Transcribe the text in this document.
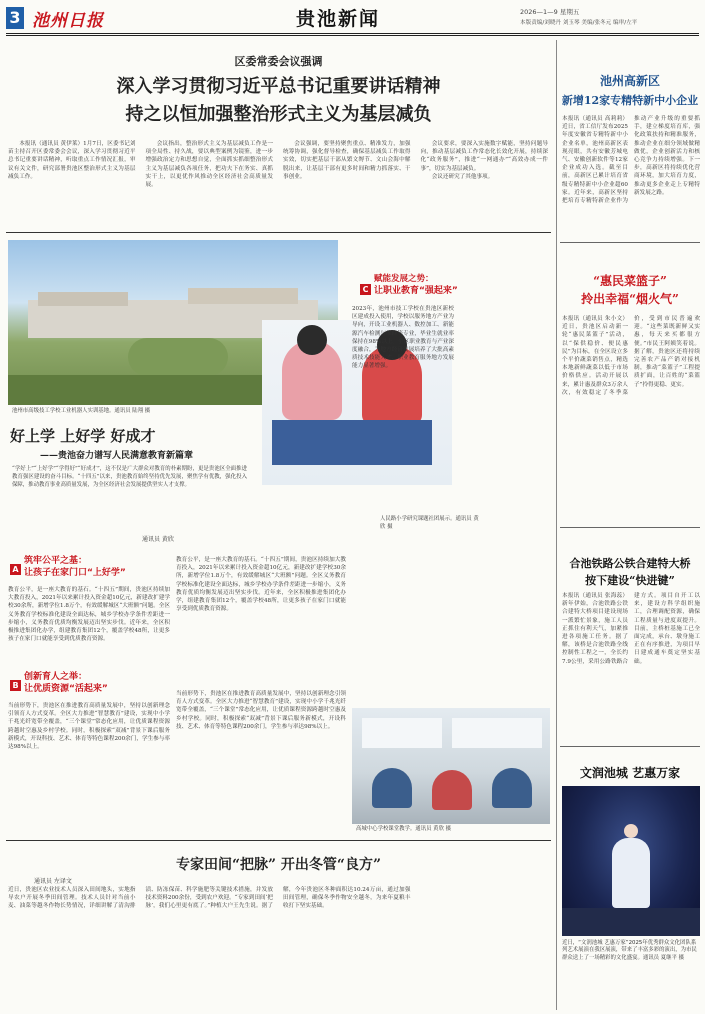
3 池州日报	贵池新闻	2026—1—9 星期五
本版责编/刘晓丹 刘玉琴 美编/张冬元 编审/左平
区委常委会议强调
深入学习贯彻习近平总书记重要讲话精神
持之以恒加强整治形式主义为基层减负

本报讯（通讯员 黄伊莱）1月7日，区委书记刘苗主持召开区委常委会会议，深入学习贯彻习近平总书记重要讲话精神，听取重点工作情况汇报，审议有关文件，研究部署贵池区整治形式主义为基层减负工作。

会议指出，整治形式主义为基层减负工作是一项全局性、持久战，要以典型案例为镜鉴，进一步增强政治定力和思想自觉，全面抓实抓细整治形式主义为基层减负各项任务，把功夫下在务实、真抓实干上，以更优作风推动全区经济社会高质量发展。

会议强调，要坚持聚焦重点、精准发力，加强统筹协调，强化督导检查，确保基层减负工作取得实效，切实把基层干部从繁文缛节、文山会海中解脱出来，让基层干部有更多时间和精力抓落实、干事创业。

会议要求，要深入实施数字赋能，坚持问题导向，推动基层减负工作常态化长效化开展，持续深化“政务服务”，推进“一网通办”“高效办成一件事”，切实为基层减负。

会议还研究了其他事项。

池州市高级技工学校工业机器人实训基地。通讯员 陆翔 摄
人民路小学研究课题社团展示。通讯员 黄欣 摄
C
赋能发展之势：
让职业教育“强起来”
2023年，池州市技工学校在贵池区新校区建成投入使用，学校以服务地方产业为导向，开设工业机器人、数控加工、新能源汽车检测与维修等专业，毕业生就业率保持在98%以上。全区职业教育与产业深度融合，为地方经济发展培养了大批高素质技术技能人才，职业教育服务地方发展能力显著增强。
好上学 上好学 好成才
——贵池奋力谱写人民满意教育新篇章
“学好上”“上好学”“学得好”“好成才”，这不仅是广大群众对教育的朴素期盼，更是贵池区全面推进教育强区建设的奋斗目标。“十四五”以来，贵池教育始终坚持优先发展，聚焦学有优教，强化投入保障，推动教育事业高质量发展，为全区经济社会发展提供坚实人才支撑。
通讯员 黄欣
A
筑牢公平之基：
让孩子在家门口“上好学”
教育公平，是一座大教育的基石。“十四五”期间，贵池区持续加大教育投入，2021年以来累计投入资金超10亿元，新建改扩建学校30余所，新增学位1.8万个，有效缓解城区“大班额”问题。全区义务教育学校标准化建设全面达标，城乡学校办学条件差距进一步缩小，义务教育优质均衡发展迈出坚实步伐。近年来，全区积极推进集团化办学，组建教育集团12个，覆盖学校48所，让更多孩子在家门口就能享受到优质教育资源。
教育公平，是一座大教育的基石。“十四五”期间，贵池区持续加大教育投入，2021年以来累计投入资金超10亿元，新建改扩建学校30余所，新增学位1.8万个，有效缓解城区“大班额”问题。全区义务教育学校标准化建设全面达标，城乡学校办学条件差距进一步缩小，义务教育优质均衡发展迈出坚实步伐。近年来，全区积极推进集团化办学，组建教育集团12个，覆盖学校48所，让更多孩子在家门口就能享受到优质教育资源。
B
创新育人之举：
让优质资源“活起来”
当前形势下，贵池区在推进教育高质量发展中，坚持以创新理念引领育人方式变革。全区大力推进“智慧教育”建设，实现中小学千兆光纤宽带全覆盖，“三个课堂”常态化应用，让优质课程资源跨越时空惠及乡村学校。同时，积极探索“双减”背景下课后服务新模式，开设科技、艺术、体育等特色课程200余门，学生参与率达98%以上。
当前形势下，贵池区在推进教育高质量发展中，坚持以创新理念引领育人方式变革。全区大力推进“智慧教育”建设，实现中小学千兆光纤宽带全覆盖，“三个课堂”常态化应用，让优质课程资源跨越时空惠及乡村学校。同时，积极探索“双减”背景下课后服务新模式，开设科技、艺术、体育等特色课程200余门，学生参与率达98%以上。
高城中心学校课堂教学。通讯员 黄欣 摄
专家田间“把脉” 开出冬管“良方”
通讯员 左译文
近日，贵池区农业技术人员深入田间地头，实地指导农户开展冬季田间管理。技术人员针对当前小麦、油菜等越冬作物长势情况，详细讲解了清沟排渍、防冻保苗、科学施肥等关键技术措施，并发放技术资料200余份，受到农户欢迎。“专家到田间‘把脉’，我们心里更有底了。”种植大户王先生说。据了解，今年贵池区冬种面积达10.24万亩，通过加强田间管理，确保冬季作物安全越冬，为来年夏粮丰收打下坚实基础。
池州高新区
新增12家专精特新中小企业
本报讯（通讯员 高莉莉）近日，省工信厅发布2025年度安徽省专精特新中小企业名单，池州高新区表现亮眼，共有安徽芳城电气、安徽创新软件等12家企业成功入选。截至目前，高新区已累计培育省级专精特新中小企业超60家。近年来，高新区坚持把培育专精特新企业作为推动产业升级的重要抓手，建立梯度培育库，强化政策扶持和精准服务，推动企业在细分领域做精做优，企业创新活力和核心竞争力持续增强。下一步，高新区将持续优化营商环境，加大培育力度，推动更多企业走上专精特新发展之路。
“惠民菜篮子”
拎出幸福“烟火气”
本报讯（通讯员 朱小文）近日，贵池区启动新一轮“惠民菜篮子”活动，以“保供稳价、便民惠民”为目标，在全区设立多个平价蔬菜销售点，精选本地新鲜蔬菜以低于市场价格供应。活动开展以来，累计惠及群众3万余人次，有效稳定了冬季菜价，受到市民普遍欢迎。“这些菜既新鲜又实惠，每天来买都很方便。”市民王阿姨笑着说。据了解，贵池区还将持续完善农产品产销对接机制，推动“菜篮子”工程提质扩面，让百姓的“菜篮子”拎得更稳、更实。
合池铁路公铁合建特大桥
按下建设“快进键”
本报讯（通讯员 张海蕊）新年伊始，合池铁路公铁合建特大桥项目建设现场一派繁忙景象，施工人员正抓住有利天气，加紧推进各项施工任务。据了解，该桥是合池铁路全线控制性工程之一，全长约7.9公里，采用公路铁路合建方式。项目自开工以来，建设方科学组织施工，合理调配资源，确保工程质量与进度双提升。目前，主桥桩基施工已全面完成，承台、墩身施工正在有序推进，为项目早日建成通车奠定坚实基础。
文润池城 艺惠万家
近日，“文润池城 艺惠万家”2025年优秀群众文化团队系列艺术展演在我区展演，带来了丰富多彩的演出，为市民群众送上了一场精彩的文化盛宴。通讯员 夏继平 摄
